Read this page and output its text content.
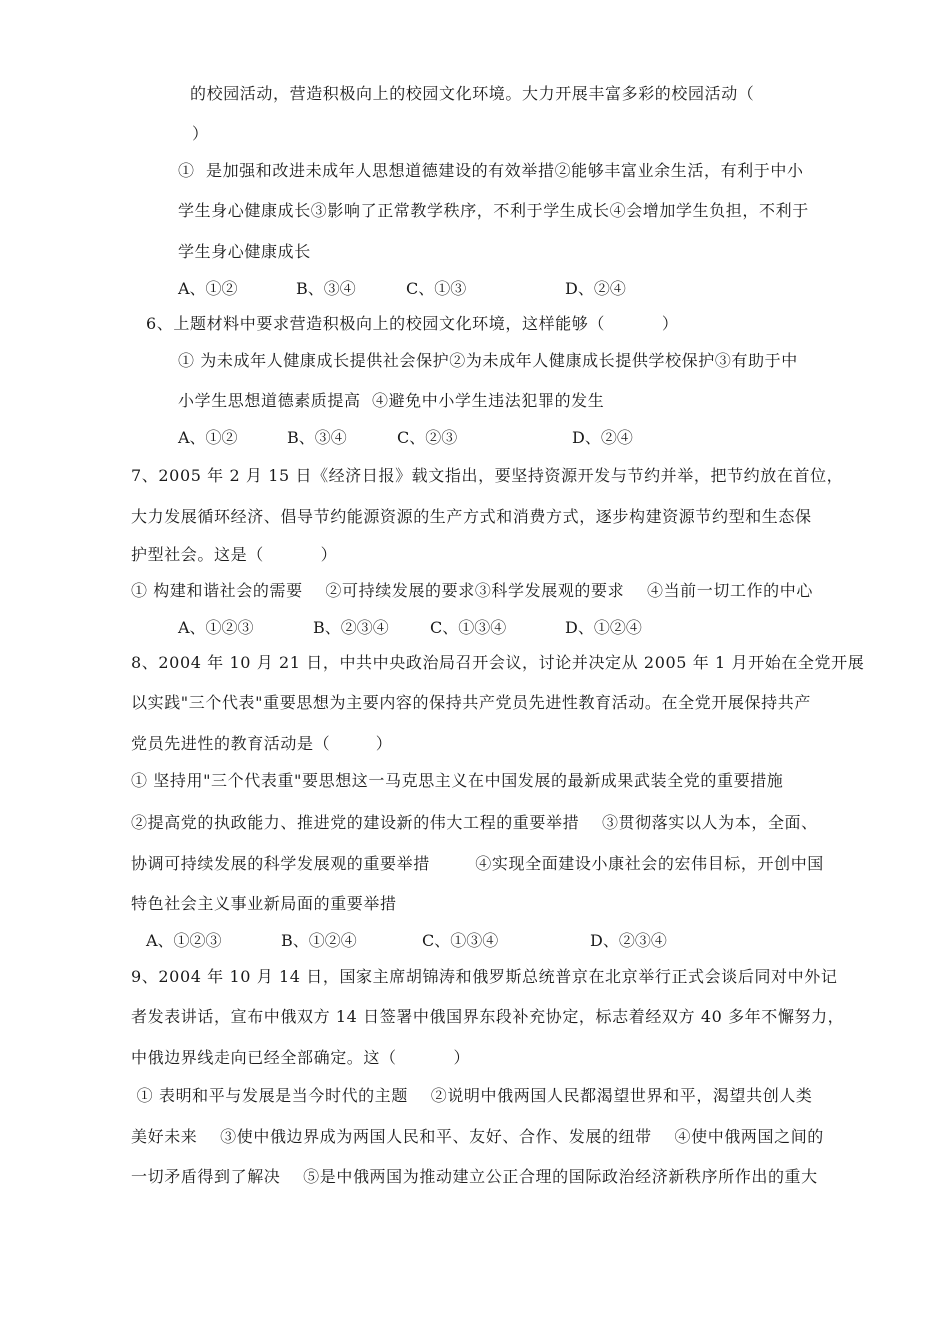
的校园活动，营造积极向上的校园文化环境。大力开展丰富多彩的校园活动（
）
①  是加强和改进未成年人思想道德建设的有效举措②能够丰富业余生活，有利于中小
学生身心健康成长③影响了正常教学秩序，不利于学生成长④会增加学生负担，不利于
学生身心健康成长
A、①②	B、③④	C、①③	D、②④
6、上题材料中要求营造积极向上的校园文化环境，这样能够（          ）
① 为未成年人健康成长提供社会保护②为未成年人健康成长提供学校保护③有助于中
小学生思想道德素质提高  ④避免中小学生违法犯罪的发生
A、①②	B、③④	C、②③	D、②④
7、2005 年 2 月 15 日《经济日报》载文指出，要坚持资源开发与节约并举，把节约放在首位，
大力发展循环经济、倡导节约能源资源的生产方式和消费方式，逐步构建资源节约型和生态保
护型社会。这是（          ）
① 构建和谐社会的需要    ②可持续发展的要求③科学发展观的要求    ④当前一切工作的中心
A、①②③	B、②③④	C、①③④	D、①②④
8、2004 年 10 月 21 日，中共中央政治局召开会议，讨论并决定从 2005 年 1 月开始在全党开展
以实践"三个代表"重要思想为主要内容的保持共产党员先进性教育活动。在全党开展保持共产
党员先进性的教育活动是（        ）
① 坚持用"三个代表重"要思想这一马克思主义在中国发展的最新成果武装全党的重要措施
②提高党的执政能力、推进党的建设新的伟大工程的重要举措    ③贯彻落实以人为本，全面、
协调可持续发展的科学发展观的重要举措        ④实现全面建设小康社会的宏伟目标，开创中国
特色社会主义事业新局面的重要举措
A、①②③	B、①②④	C、①③④	D、②③④
9、2004 年 10 月 14 日，国家主席胡锦涛和俄罗斯总统普京在北京举行正式会谈后同对中外记
者发表讲话，宣布中俄双方 14 日签署中俄国界东段补充协定，标志着经双方 40 多年不懈努力，
中俄边界线走向已经全部确定。这（          ）
① 表明和平与发展是当今时代的主题    ②说明中俄两国人民都渴望世界和平，渴望共创人类
美好未来    ③使中俄边界成为两国人民和平、友好、合作、发展的纽带    ④使中俄两国之间的
一切矛盾得到了解决    ⑤是中俄两国为推动建立公正合理的国际政治经济新秩序所作出的重大
